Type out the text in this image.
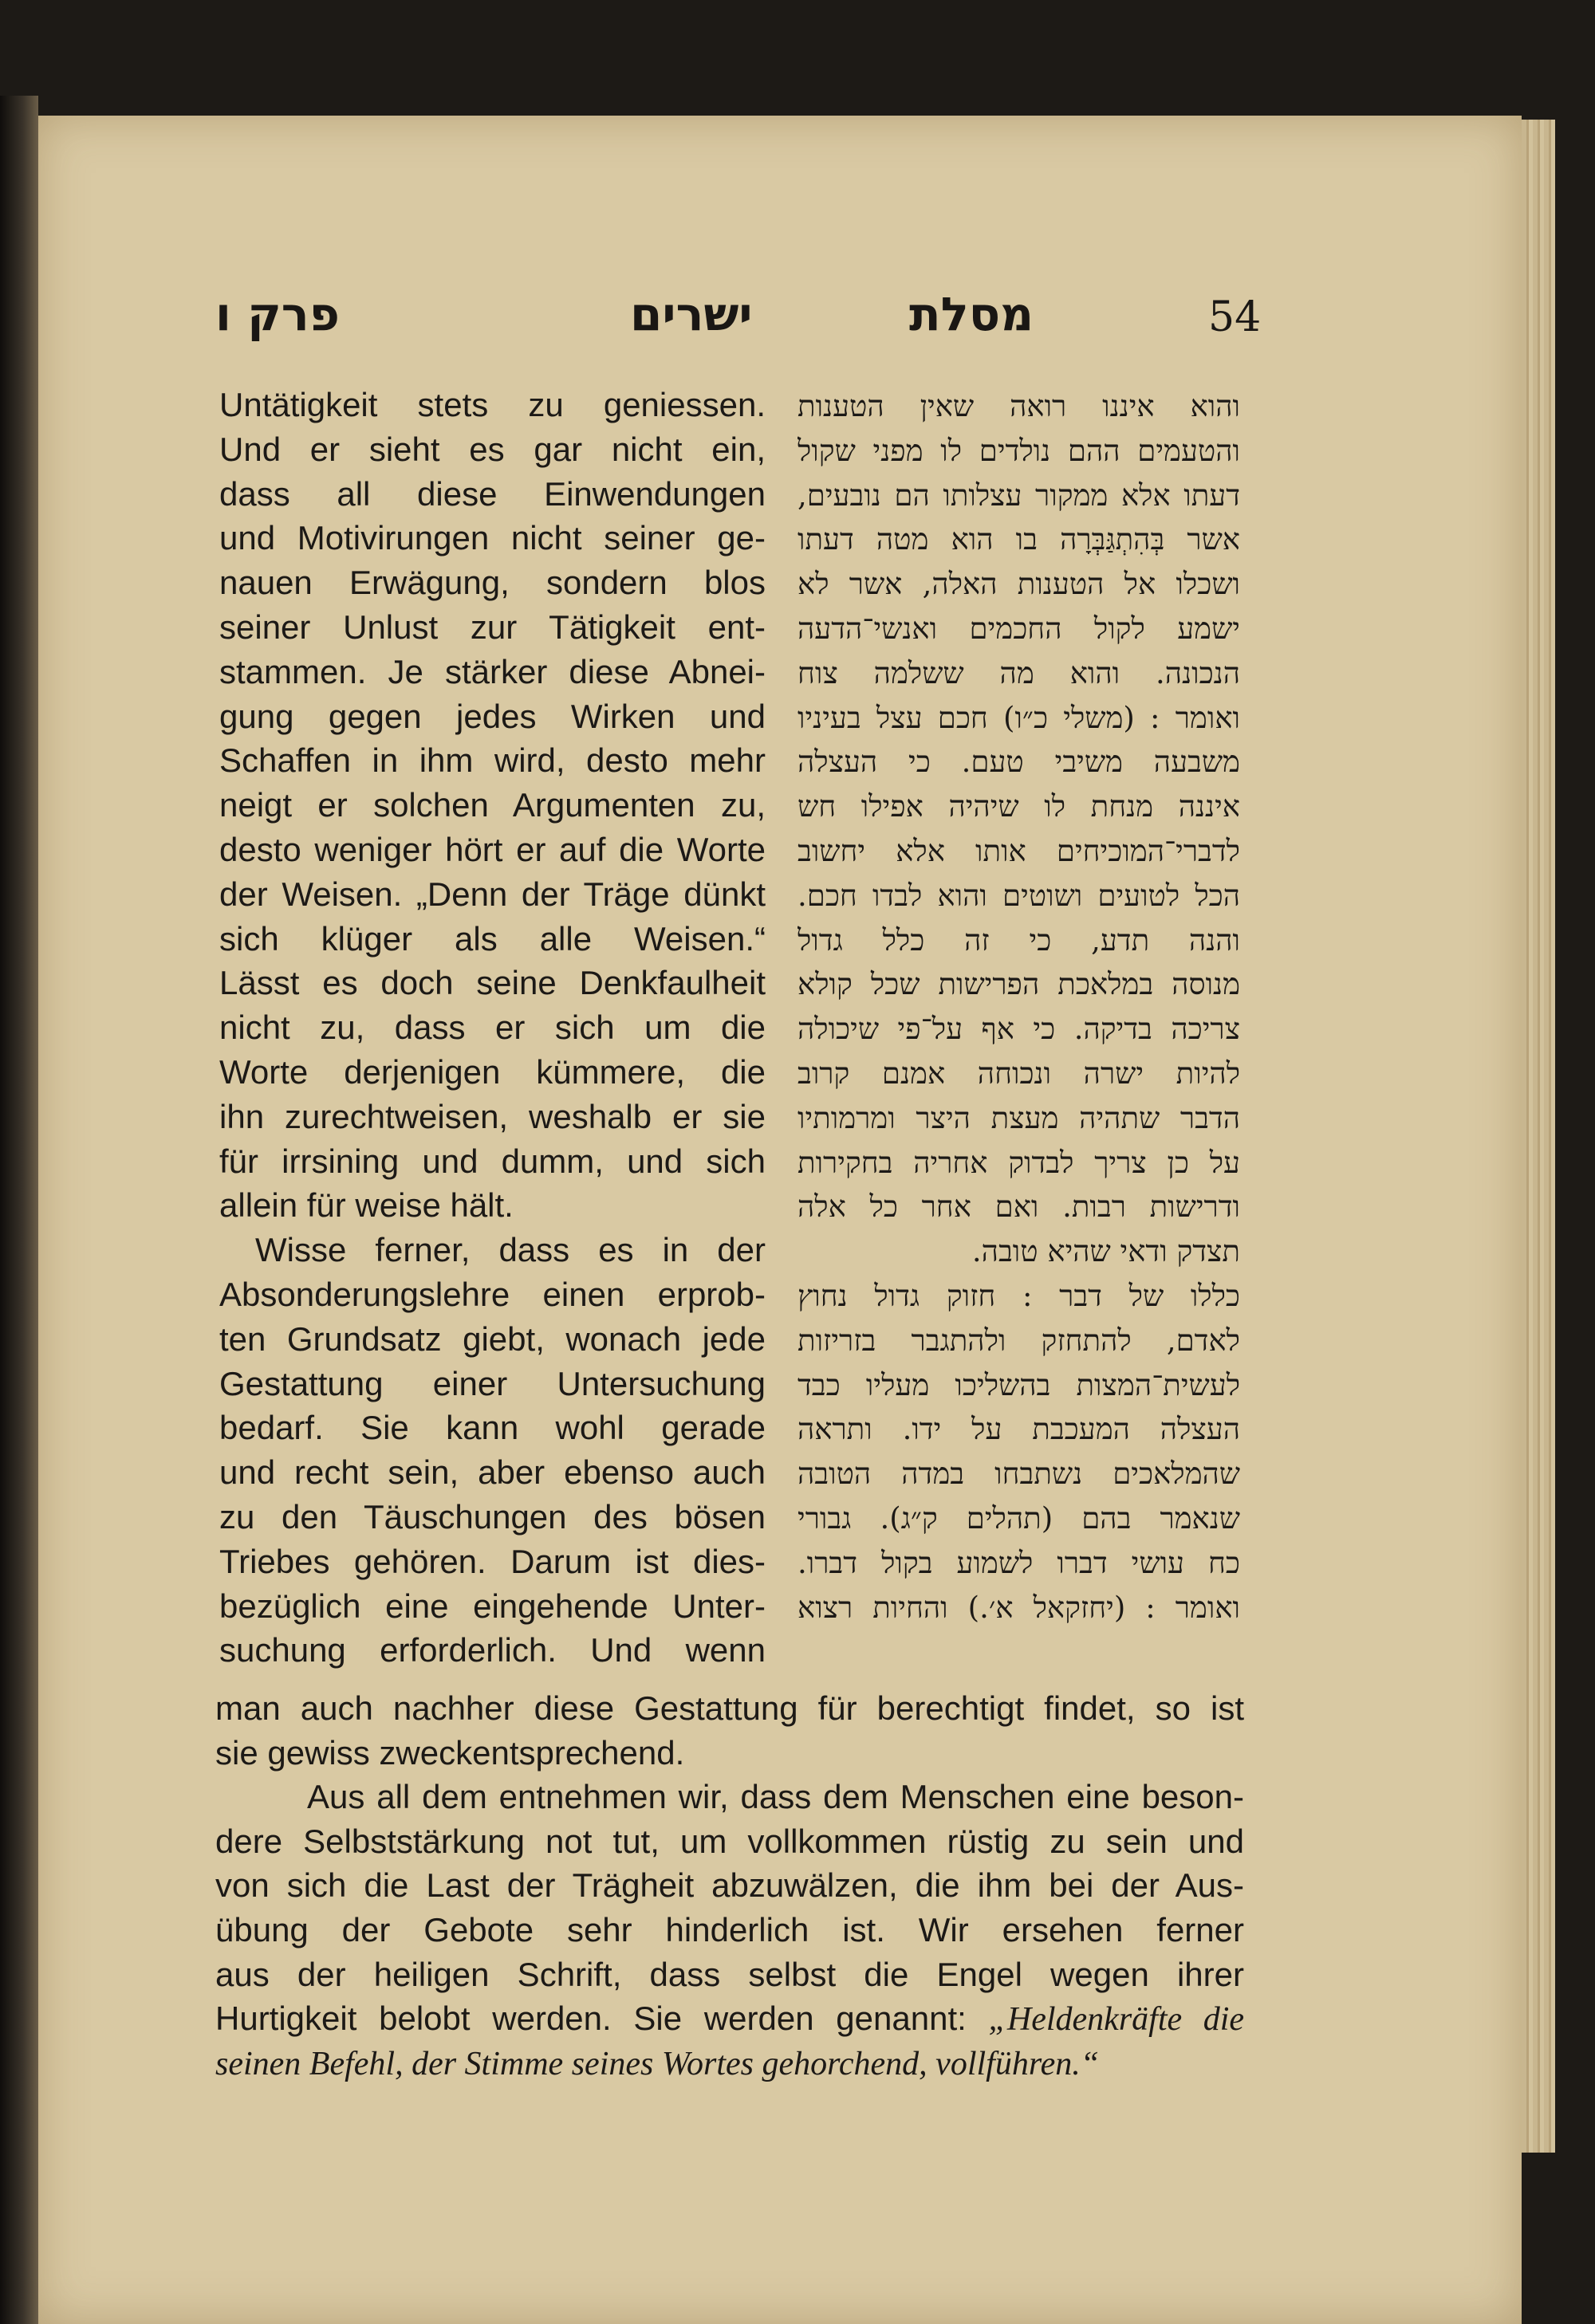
פרק ו	ישרים	מסלת	54
Untätigkeit stets zu geniessen.
Und er sieht es gar nicht ein,
dass all diese Einwendungen
und Motivirungen nicht seiner ge-
nauen Erwägung, sondern blos
seiner Unlust zur Tätigkeit ent-
stammen. Je stärker diese Abnei-
gung gegen jedes Wirken und
Schaffen in ihm wird, desto mehr
neigt er solchen Argumenten zu,
desto weniger hört er auf die Worte
der Weisen. „Denn der Träge dünkt
sich klüger als alle Weisen.“
Lässt es doch seine Denkfaulheit
nicht zu, dass er sich um die
Worte derjenigen kümmere, die
ihn zurechtweisen, weshalb er sie
für irrsining und dumm, und sich
allein für weise hält.
Wisse ferner, dass es in der
Absonderungslehre einen erprob-
ten Grundsatz giebt, wonach jede
Gestattung einer Untersuchung
bedarf. Sie kann wohl gerade
und recht sein, aber ebenso auch
zu den Täuschungen des bösen
Triebes gehören. Darum ist dies-
bezüglich eine eingehende Unter-
suchung erforderlich. Und wenn
והוא איננו רואה שאין הטענות
והטעמים ההם נולדים לו מפני שקול
דעתו אלא ממקור עצלותו הם נובעים,
אשר בְּהִתְגַּבְּרָה בו הוא מטה דעתו
ושכלו אל הטענות האלה, אשר לא
ישמע לקול החכמים ואנשי־הדעה
הנכונה. והוא מה ששלמה צוח
ואומר : (משלי כ״ו) חכם עצל בעיניו
משבעה משיבי טעם. כי העצלה
איננה מנחת לו שיהיה אפילו חש
לדברי־המוכיחים אותו אלא יחשוב
הכל לטועים ושוטים והוא לבדו חכם.
והנה תדע, כי זה כלל גדול
מנוסה במלאכת הפרישות שכל קולא
צריכה בדיקה. כי אף על־פי שיכולה
להיות ישרה ונכוחה אמנם קרוב
הדבר שתהיה מעצת היצר ומרמותיו
על כן צריך לבדוק אחריה בחקירות
ודרישות רבות. ואם אחר כל אלה
תצדק ודאי שהיא טובה.
כללו של דבר : חזוק גדול נחוץ
לאדם, להתחזק ולהתגבר בזריזות
לעשית־המצות בהשליכו מעליו כבד
העצלה המעכבת על ידו. ותראה
שהמלאכים נשתבחו במדה הטובה
שנאמר בהם (תהלים ק״ג). גבורי
כח עושי דברו לשמוע בקול דברו.
ואומר : (יחזקאל א׳.) והחיות רצוא
man auch nachher diese Gestattung für berechtigt findet, so ist
sie gewiss zweckentsprechend.
Aus all dem entnehmen wir, dass dem Menschen eine beson-
dere Selbststärkung not tut, um vollkommen rüstig zu sein und
von sich die Last der Trägheit abzuwälzen, die ihm bei der Aus-
übung der Gebote sehr hinderlich ist. Wir ersehen ferner
aus der heiligen Schrift, dass selbst die Engel wegen ihrer
Hurtigkeit belobt werden. Sie werden genannt: „Heldenkräfte die
seinen Befehl, der Stimme seines Wortes gehorchend, vollführen.“
